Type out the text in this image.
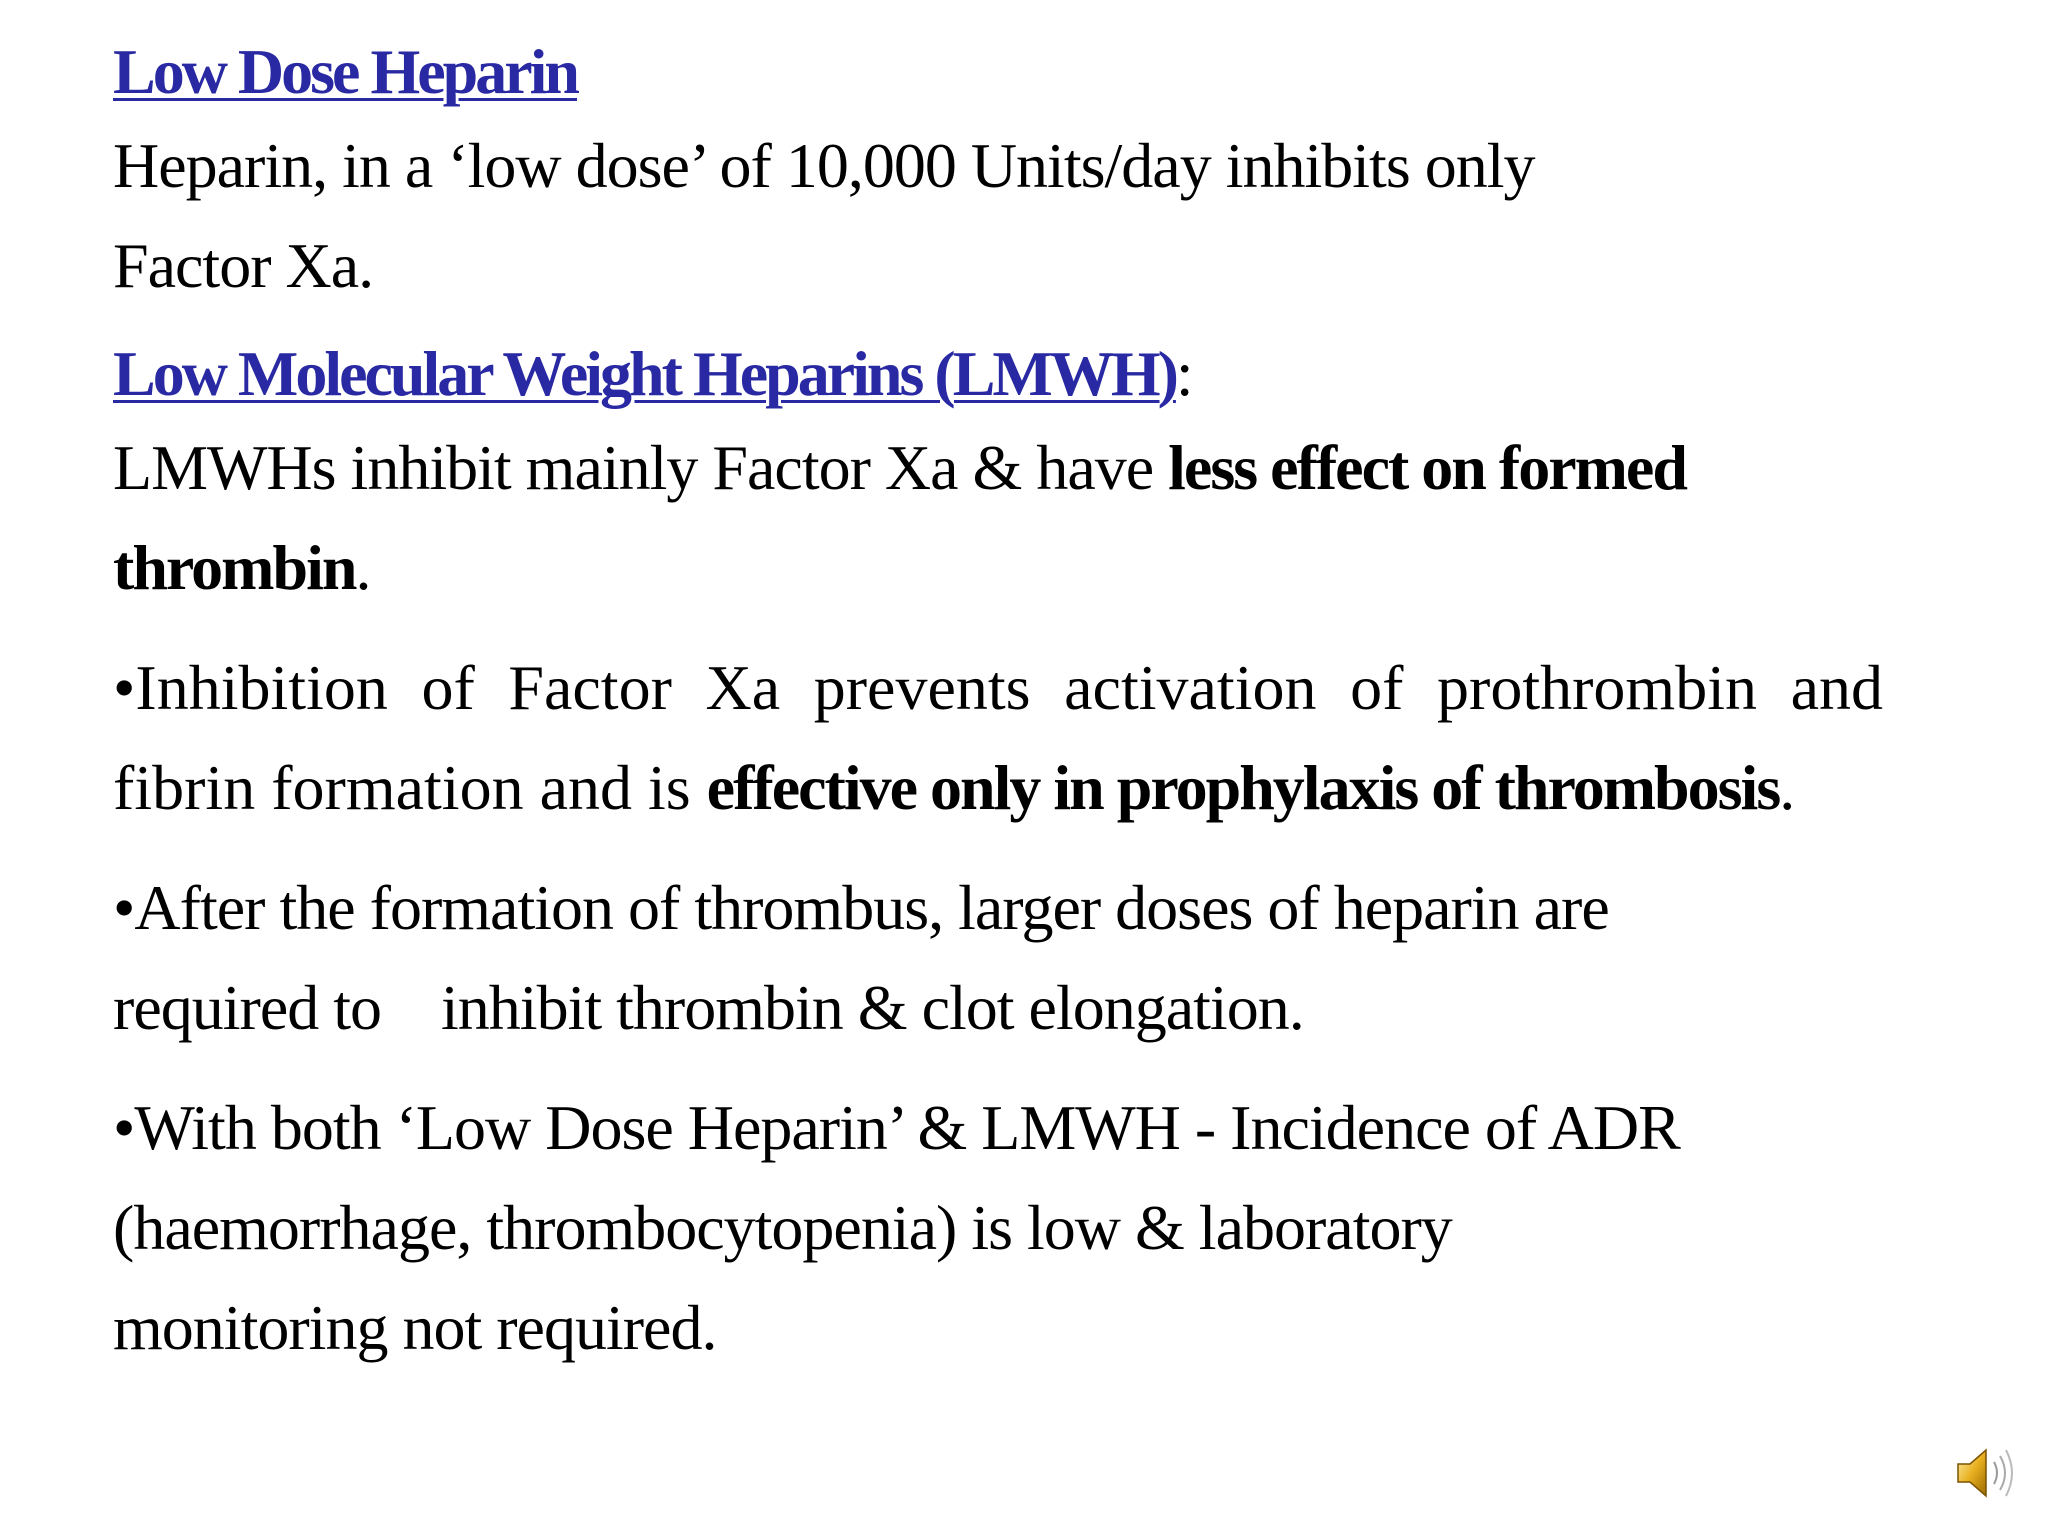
Low Dose Heparin

Heparin, in a ‘low dose’ of 10,000 Units/day inhibits only
Factor Xa.

Low Molecular Weight Heparins (LMWH):

LMWHs inhibit mainly Factor Xa & have less effect on formed
thrombin.

•Inhibition of Factor Xa prevents activation of prothrombin and fibrin formation and is effective only in prophylaxis of thrombosis.

•After the formation of thrombus, larger doses of heparin are
required to    inhibit thrombin & clot elongation.

•With both ‘Low Dose Heparin’ & LMWH - Incidence of ADR
(haemorrhage, thrombocytopenia) is low & laboratory
monitoring not required.
